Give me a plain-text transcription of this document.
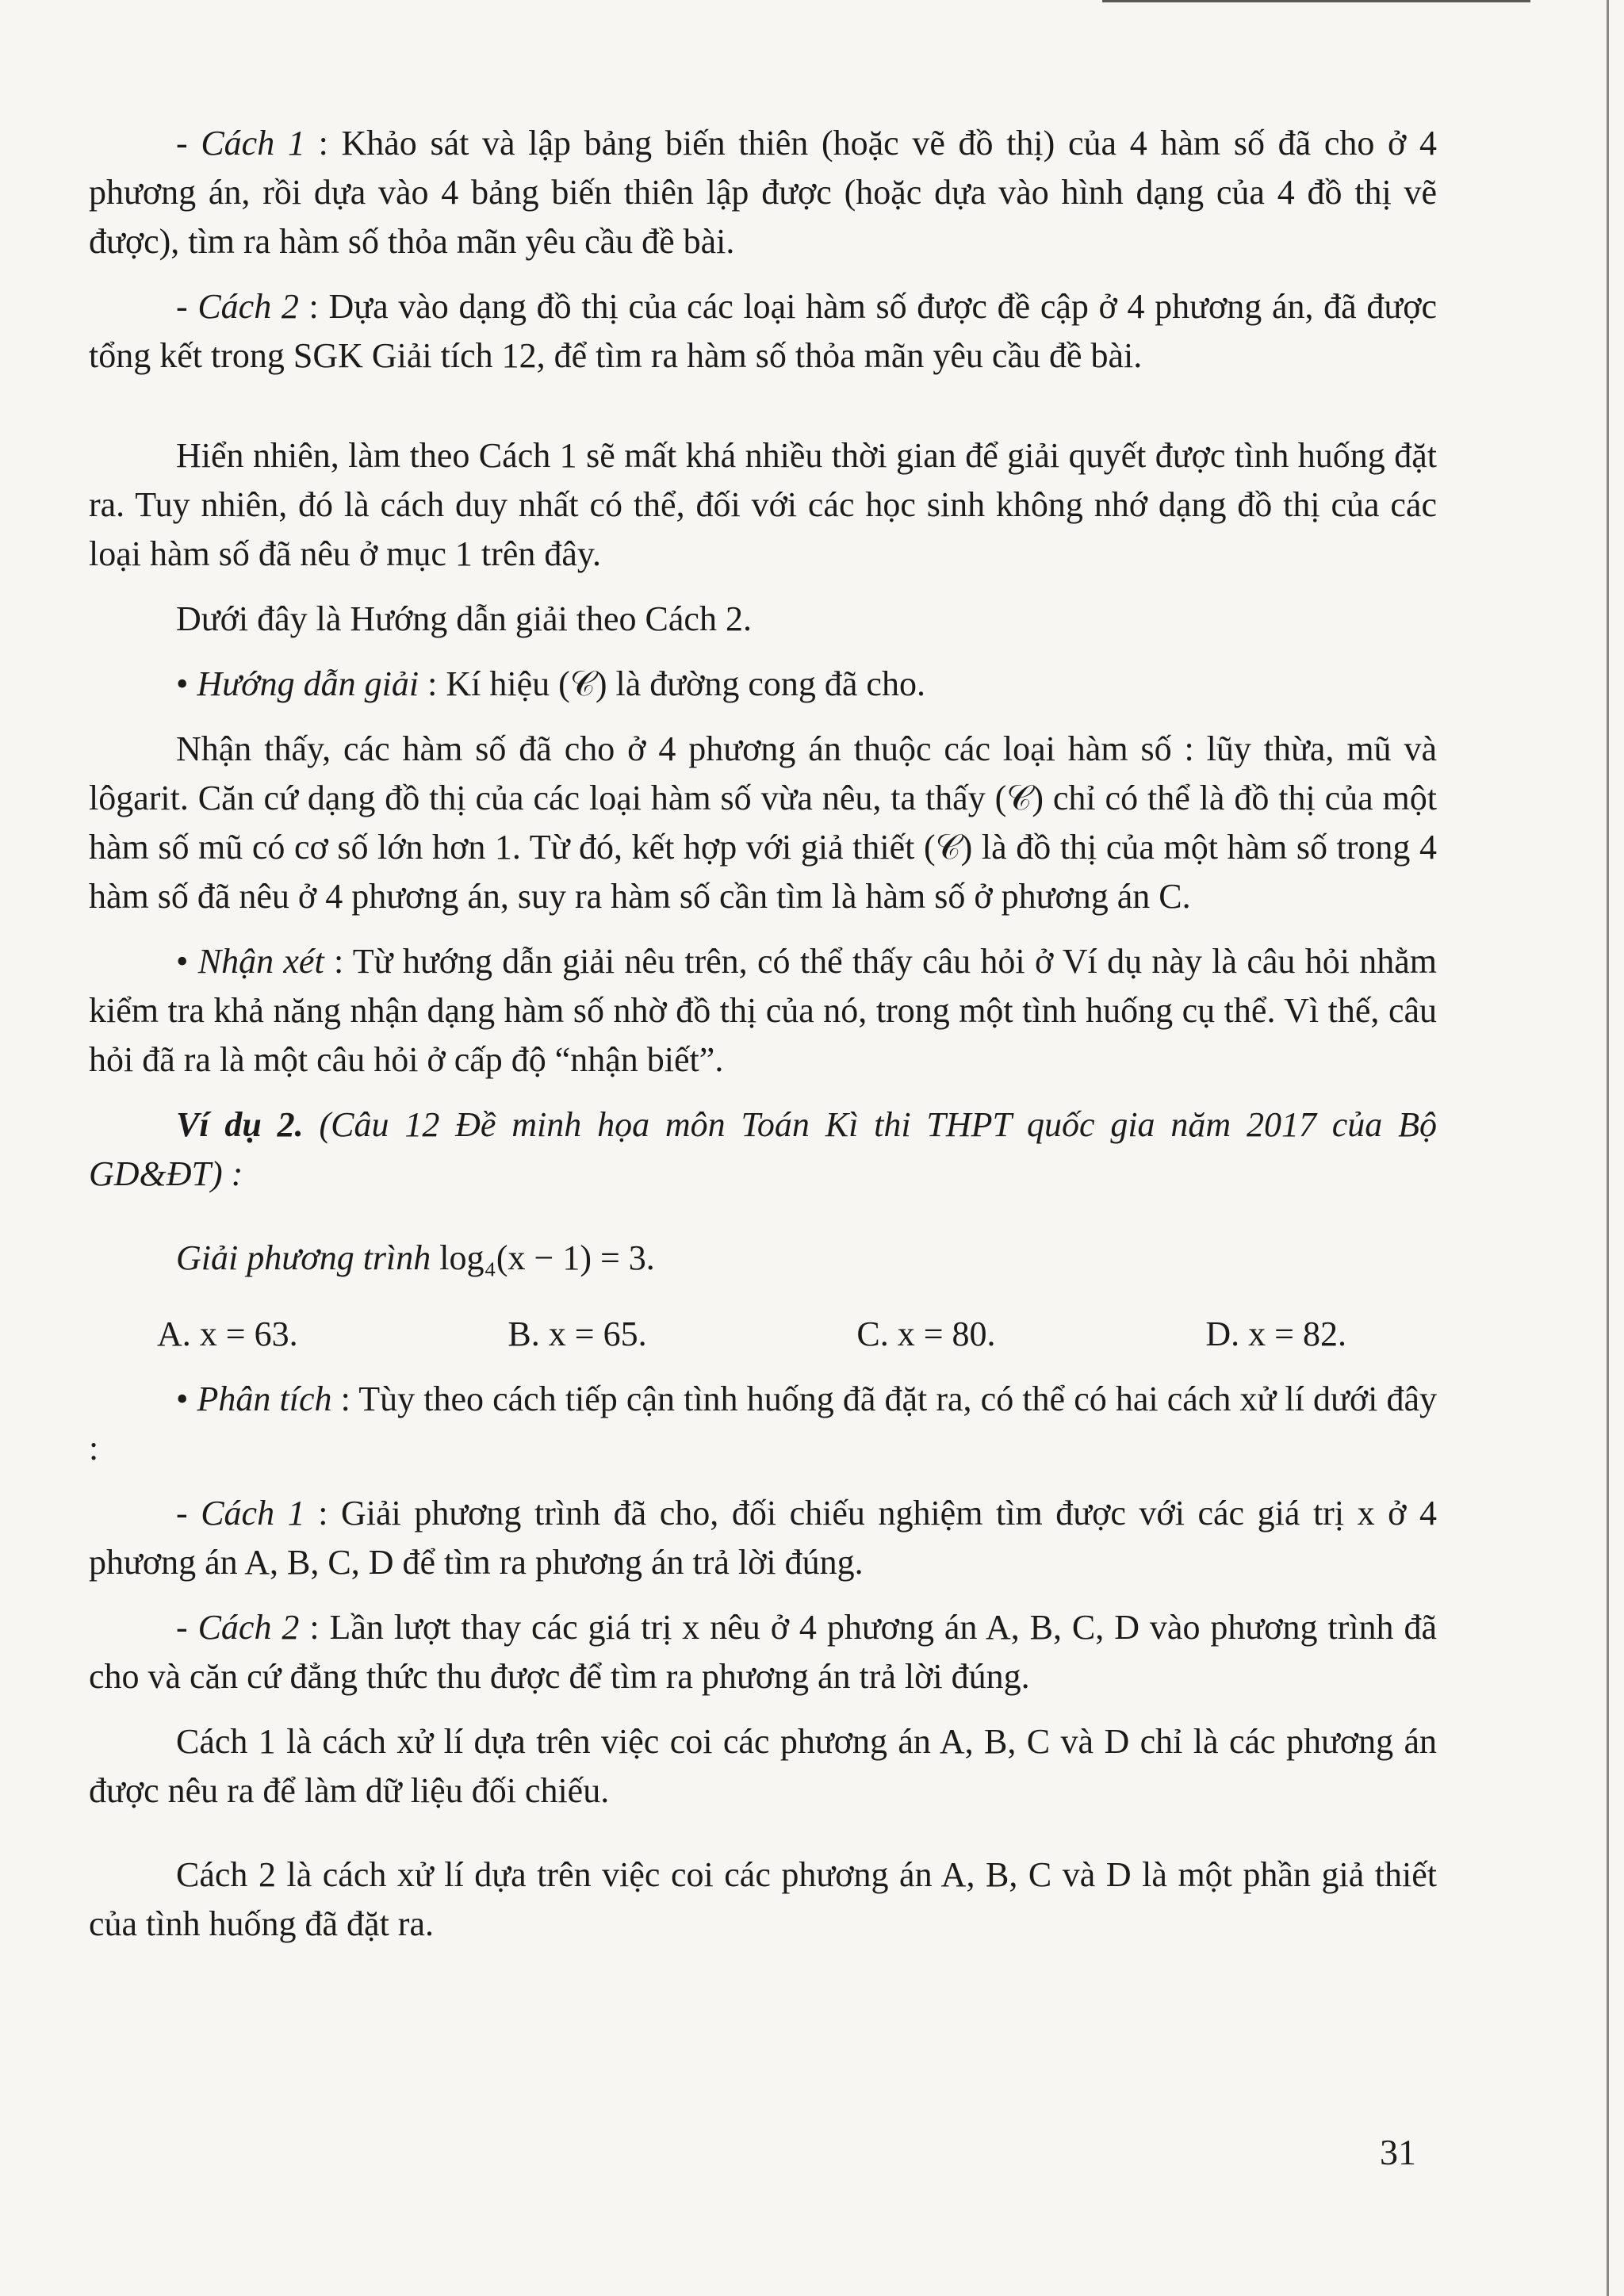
- Cách 1 : Khảo sát và lập bảng biến thiên (hoặc vẽ đồ thị) của 4 hàm số đã cho ở 4 phương án, rồi dựa vào 4 bảng biến thiên lập được (hoặc dựa vào hình dạng của 4 đồ thị vẽ được), tìm ra hàm số thỏa mãn yêu cầu đề bài.

- Cách 2 : Dựa vào dạng đồ thị của các loại hàm số được đề cập ở 4 phương án, đã được tổng kết trong SGK Giải tích 12, để tìm ra hàm số thỏa mãn yêu cầu đề bài.

Hiển nhiên, làm theo Cách 1 sẽ mất khá nhiều thời gian để giải quyết được tình huống đặt ra. Tuy nhiên, đó là cách duy nhất có thể, đối với các học sinh không nhớ dạng đồ thị của các loại hàm số đã nêu ở mục 1 trên đây.

Dưới đây là Hướng dẫn giải theo Cách 2.

• Hướng dẫn giải : Kí hiệu (𝒞) là đường cong đã cho.

Nhận thấy, các hàm số đã cho ở 4 phương án thuộc các loại hàm số : lũy thừa, mũ và lôgarit. Căn cứ dạng đồ thị của các loại hàm số vừa nêu, ta thấy (𝒞) chỉ có thể là đồ thị của một hàm số mũ có cơ số lớn hơn 1. Từ đó, kết hợp với giả thiết (𝒞) là đồ thị của một hàm số trong 4 hàm số đã nêu ở 4 phương án, suy ra hàm số cần tìm là hàm số ở phương án C.

• Nhận xét : Từ hướng dẫn giải nêu trên, có thể thấy câu hỏi ở Ví dụ này là câu hỏi nhằm kiểm tra khả năng nhận dạng hàm số nhờ đồ thị của nó, trong một tình huống cụ thể. Vì thế, câu hỏi đã ra là một câu hỏi ở cấp độ “nhận biết”.

Ví dụ 2. (Câu 12 Đề minh họa môn Toán Kì thi THPT quốc gia năm 2017 của Bộ GD&ĐT) :

Giải phương trình log₄(x − 1) = 3.

A. x = 63.	B. x = 65.	C. x = 80.	D. x = 82.

• Phân tích : Tùy theo cách tiếp cận tình huống đã đặt ra, có thể có hai cách xử lí dưới đây :

- Cách 1 : Giải phương trình đã cho, đối chiếu nghiệm tìm được với các giá trị x ở 4 phương án A, B, C, D để tìm ra phương án trả lời đúng.

- Cách 2 : Lần lượt thay các giá trị x nêu ở 4 phương án A, B, C, D vào phương trình đã cho và căn cứ đẳng thức thu được để tìm ra phương án trả lời đúng.

Cách 1 là cách xử lí dựa trên việc coi các phương án A, B, C và D chỉ là các phương án được nêu ra để làm dữ liệu đối chiếu.

Cách 2 là cách xử lí dựa trên việc coi các phương án A, B, C và D là một phần giả thiết của tình huống đã đặt ra.

31
